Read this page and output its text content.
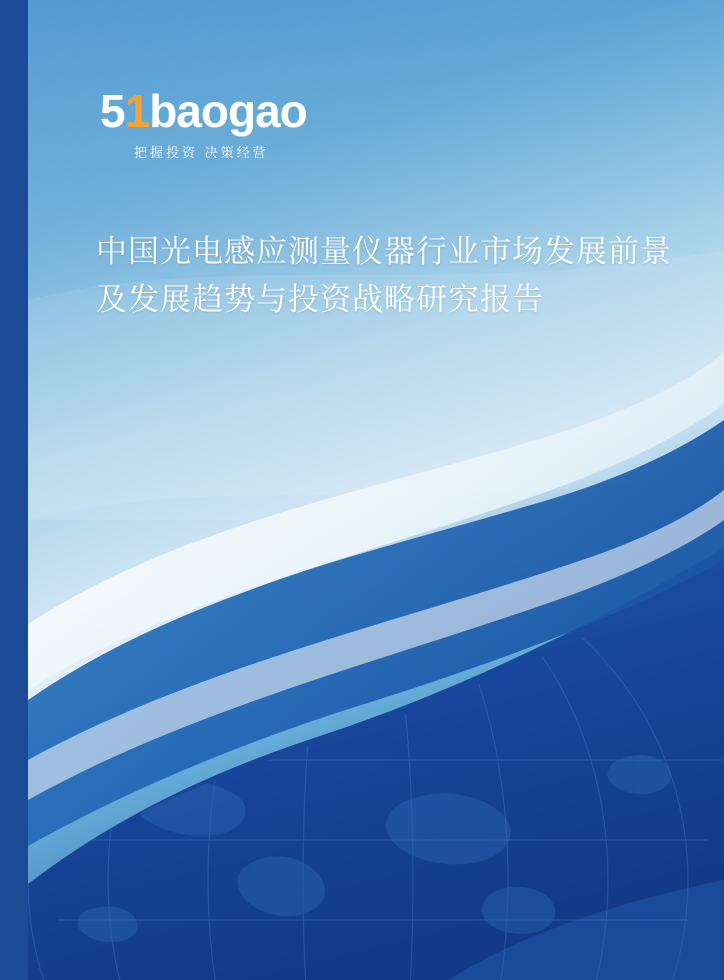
51baogao
把握投资 决策经营
中国光电感应测量仪器行业市场发展前景及发展趋势与投资战略研究报告
